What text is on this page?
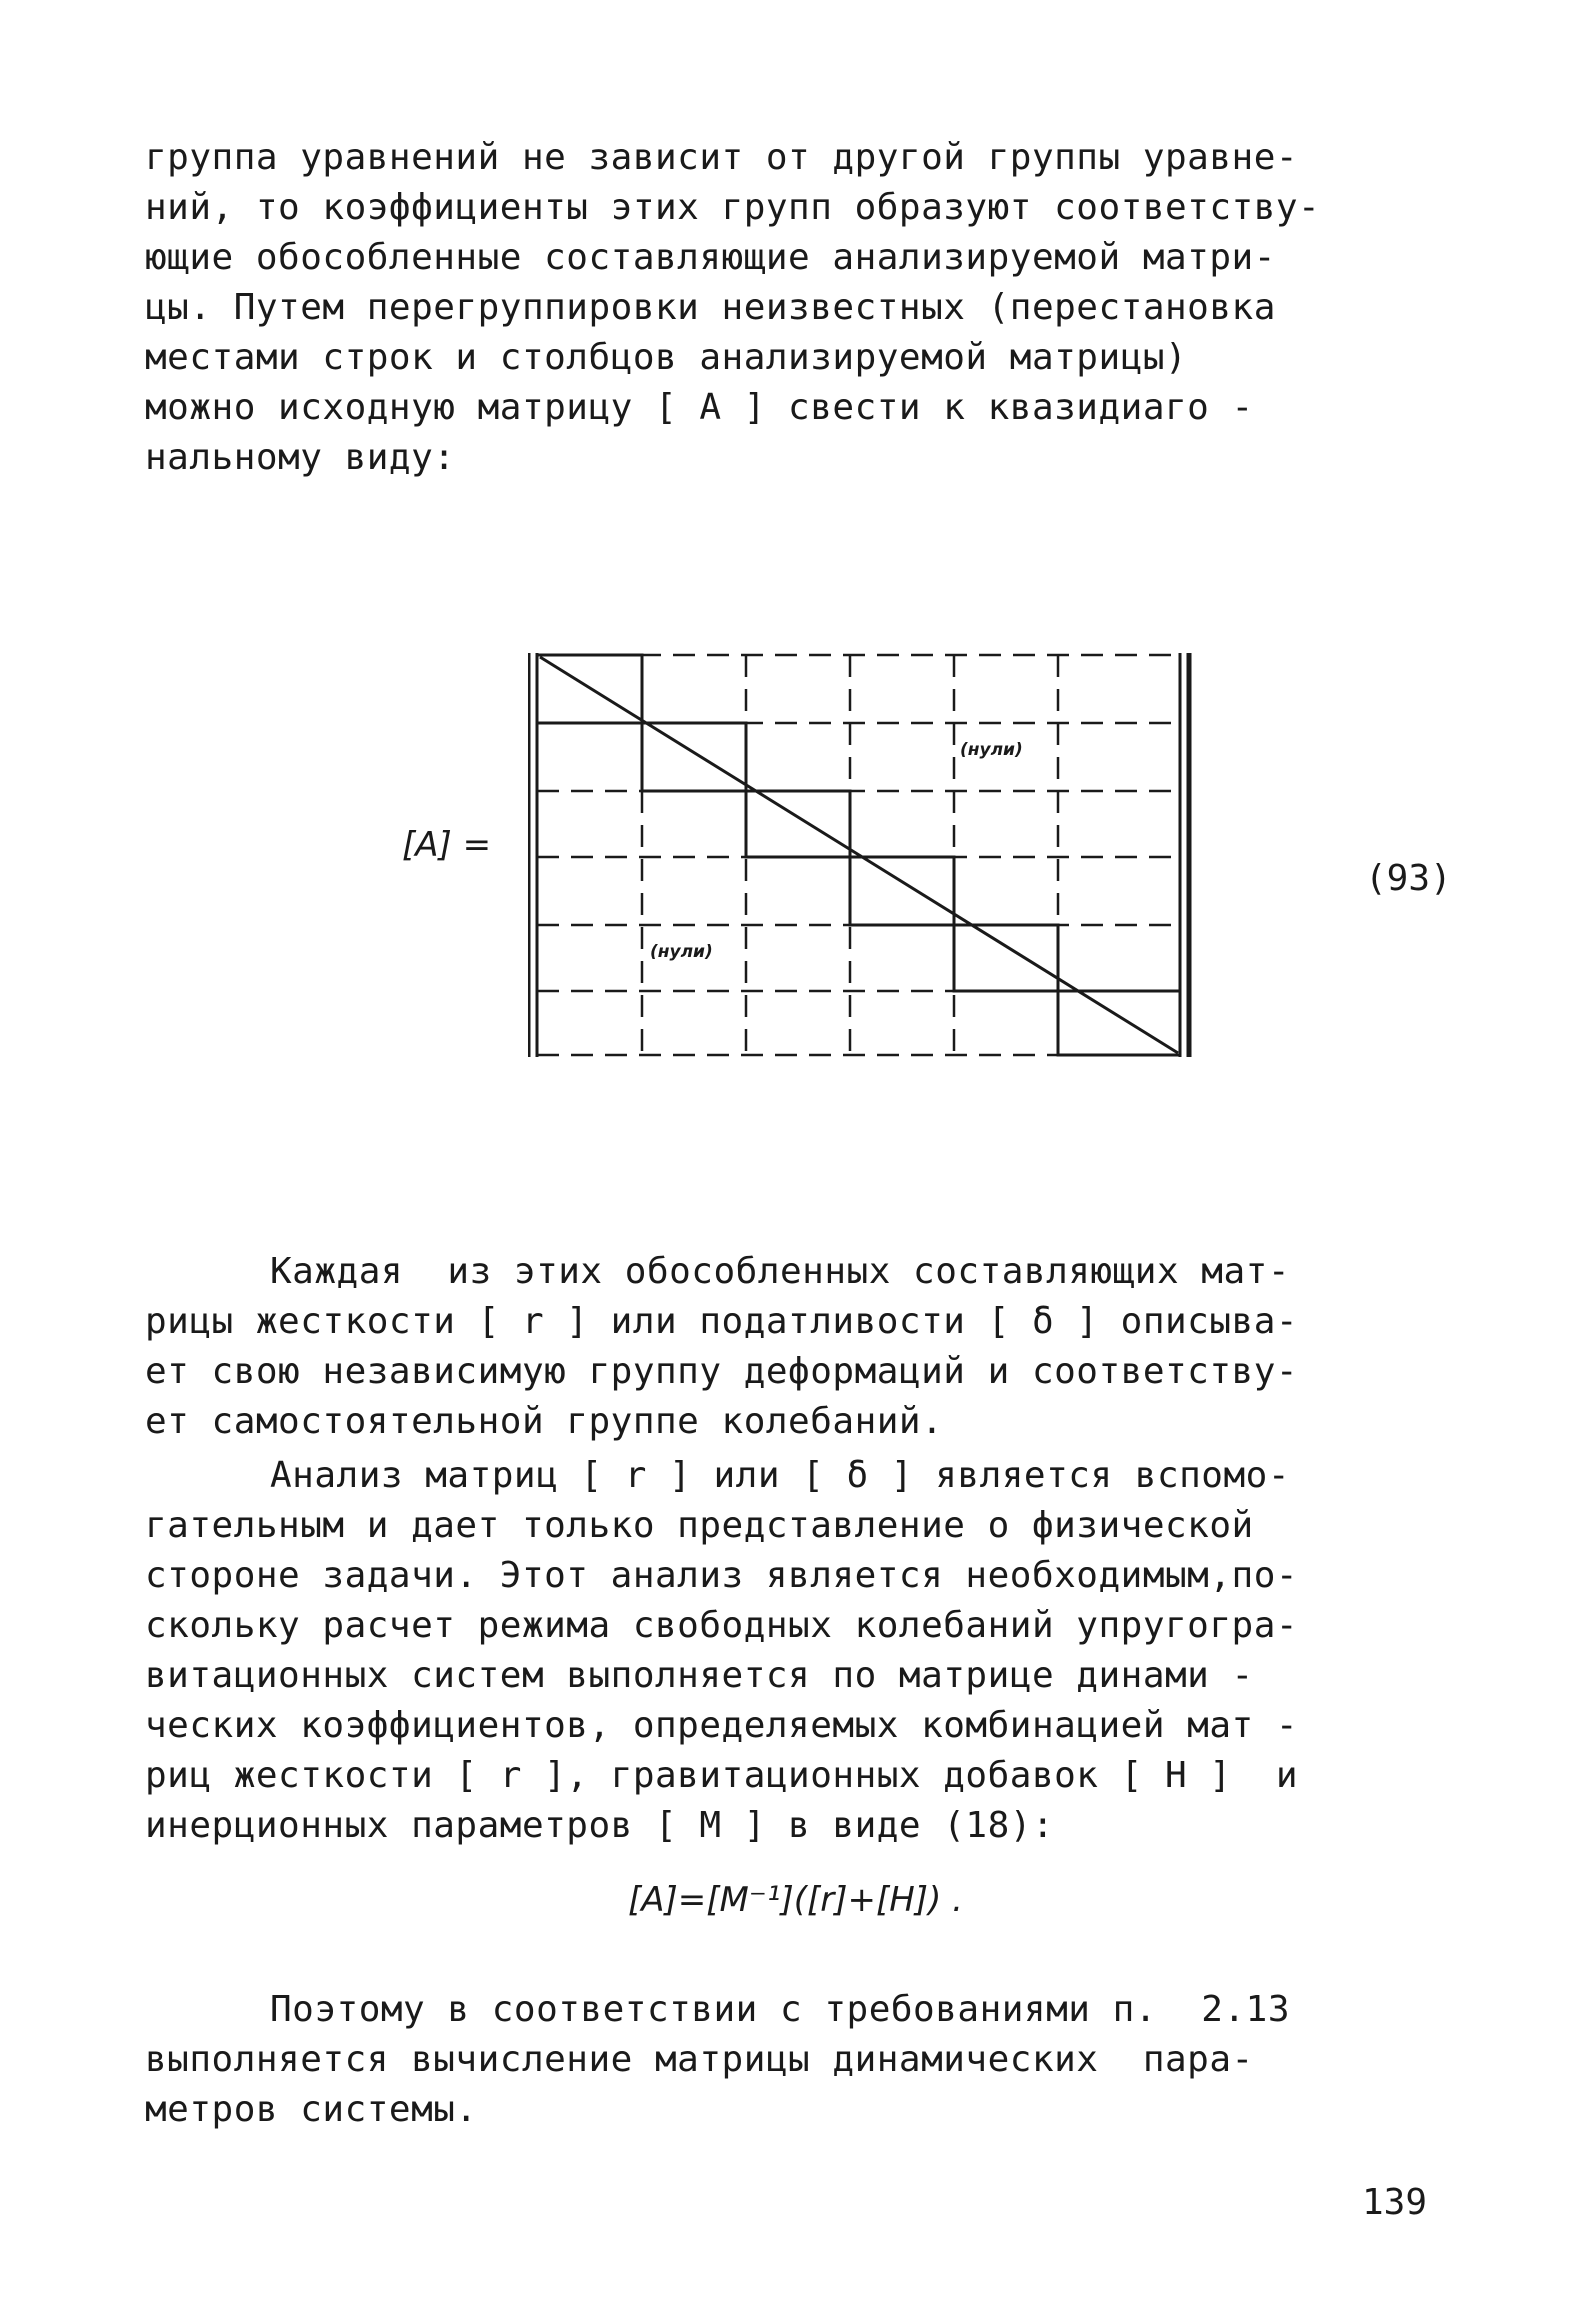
группа уравнений не зависит от другой группы уравне-
ний, то коэффициенты этих групп образуют соответству-
ющие обособленные составляющие анализируемой матри-
цы. Путем перегруппировки неизвестных (перестановка
местами строк и столбцов анализируемой матрицы)
можно исходную матрицу [ A ] свести к квазидиаго -
нальному виду:
[A] =
(нули)
(нули)
(93)
Каждая  из этих обособленных составляющих мат-
рицы жесткости [ r ] или податливости [ δ ] описыва-
ет свою независимую группу деформаций и соответству-
ет самостоятельной группе колебаний.
Анализ матриц [ r ] или [ δ ] является вспомо-
гательным и дает только представление о физической
стороне задачи. Этот анализ является необходимым,по-
скольку расчет режима свободных колебаний упругогра-
витационных систем выполняется по матрице динами -
ческих коэффициентов, определяемых комбинацией мат -
риц жесткости [ r ], гравитационных добавок [ H ]  и
инерционных параметров [ M ] в виде (18):
[A]=[M⁻¹]([r]+[H]) .
Поэтому в соответствии с требованиями п.  2.13
выполняется вычисление матрицы динамических  пара-
метров системы.
139
